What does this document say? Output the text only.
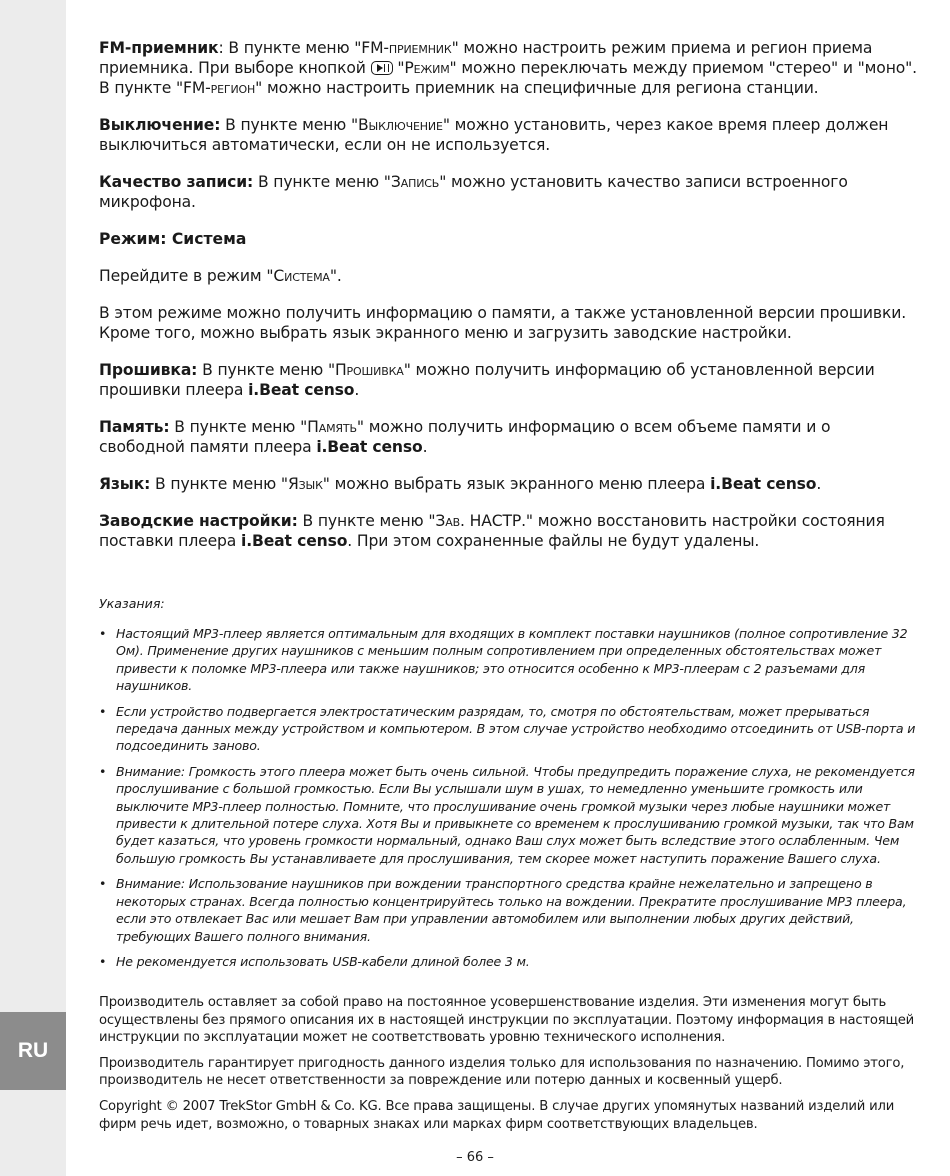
RU

FM-приемник: В пункте меню "FM-приемник" можно настроить режим приема и регион приема приемника. При выборе кнопкой  "Режим" можно переключать между приемом "стерео" и "моно". В пункте "FM-регион" можно настроить приемник на специфичные для региона станции.

Выключение: В пункте меню "Выключение" можно установить, через какое время плеер должен выключиться автоматически, если он не используется.

Качество записи: В пункте меню "Запись" можно установить качество записи встроенного микрофона.

Режим: Система

Перейдите в режим "Система".

В этом режиме можно получить информацию о памяти, а также установленной версии прошивки. Кроме того, можно выбрать язык экранного меню и загрузить заводские настройки.

Прошивка: В пункте меню "Прошивка" можно получить информацию об установленной версии прошивки плеера i.Beat censo.

Память: В пункте меню "Память" можно получить информацию о всем объеме памяти и о свободной памяти плеера i.Beat censo.

Язык: В пункте меню "Язык" можно выбрать язык экранного меню плеера i.Beat censo.

Заводские настройки: В пункте меню "Зав. НАСТР." можно восстановить настройки состояния поставки плеера i.Beat censo. При этом сохраненные файлы не будут удалены.

Указания:

• Настоящий MP3-плеер является оптимальным для входящих в комплект поставки наушников (полное сопротивление 32 Ом). Применение других наушников с меньшим полным сопротивлением при определенных обстоятельствах может привести к поломке MP3-плеера или также наушников; это относится особенно к MP3-плеерам с 2 разъемами для наушников.
• Если устройство подвергается электростатическим разрядам, то, смотря по обстоятельствам, может прерываться передача данных между устройством и компьютером. В этом случае устройство необходимо отсоединить от USB-порта и подсоединить заново.
• Внимание: Громкость этого плеера может быть очень сильной. Чтобы предупредить поражение слуха, не рекомендуется прослушивание с большой громкостью. Если Вы услышали шум в ушах, то немедленно уменьшите громкость или выключите MP3-плеер полностью. Помните, что прослушивание очень громкой музыки через любые наушники может привести к длительной потере слуха. Хотя Вы и привыкнете со временем к прослушиванию громкой музыки, так что Вам будет казаться, что уровень громкости нормальный, однако Ваш слух может быть вследствие этого ослабленным. Чем большую громкость Вы устанавливаете для прослушивания, тем скорее может наступить поражение Вашего слуха.
• Внимание: Использование наушников при вождении транспортного средства крайне нежелательно и запрещено в некоторых странах. Всегда полностью концентрируйтесь только на вождении. Прекратите прослушивание MP3 плеера, если это отвлекает Вас или мешает Вам при управлении автомобилем или выполнении любых других действий, требующих Вашего полного внимания.
• Не рекомендуется использовать USB-кабели длиной более 3 м.

Производитель оставляет за собой право на постоянное усовершенствование изделия. Эти изменения могут быть осуществлены без прямого описания их в настоящей инструкции по эксплуатации. Поэтому информация в настоящей инструкции по эксплуатации может не соответствовать уровню технического исполнения.

Производитель гарантирует пригодность данного изделия только для использования по назначению. Помимо этого, производитель не несет ответственности за повреждение или потерю данных и косвенный ущерб.

Copyright © 2007 TrekStor GmbH & Co. KG. Все права защищены. В случае других упомянутых названий изделий или фирм речь идет, возможно, о товарных знаках или марках фирм соответствующих владельцев.

– 66 –
